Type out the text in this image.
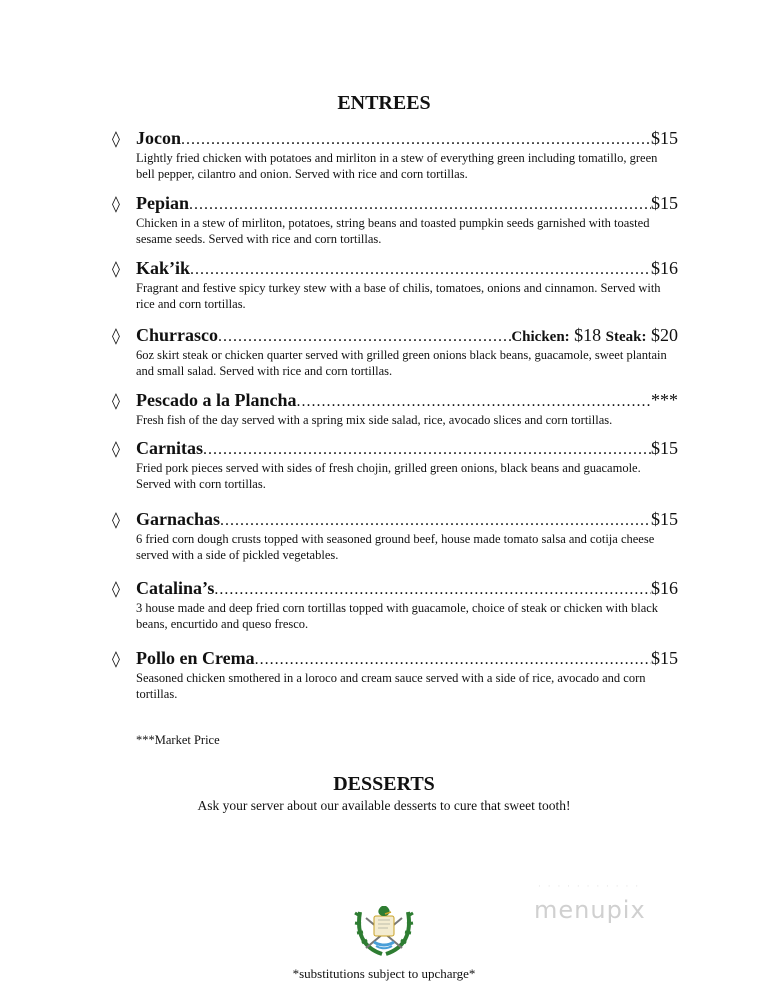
ENTREES
◊ Jocon .....	$15
Lightly fried chicken with potatoes and mirliton in a stew of everything green including tomatillo, green bell pepper, cilantro and onion. Served with rice and corn tortillas.
◊ Pepian .....	$15
Chicken in a stew of mirliton, potatoes, string beans and toasted pumpkin seeds garnished with toasted sesame seeds. Served with rice and corn tortillas.
◊ Kak’ik .....	$16
Fragrant and festive spicy turkey stew with a base of chilis, tomatoes, onions and cinnamon. Served with rice and corn tortillas.
◊ Churrasco .....	Chicken: $18 Steak: $20
6oz skirt steak or chicken quarter served with grilled green onions black beans, guacamole, sweet plantain and small salad. Served with rice and corn tortillas.
◊ Pescado a la Plancha .....	***
Fresh fish of the day served with a spring mix side salad, rice, avocado slices and corn tortillas.
◊ Carnitas .....	$15
Fried pork pieces served with sides of fresh chojin, grilled green onions, black beans and guacamole. Served with corn tortillas.
◊ Garnachas .....	$15
6 fried corn dough crusts topped with seasoned ground beef, house made tomato salsa and cotija cheese served with a side of pickled vegetables.
◊ Catalina’s .....	$16
3 house made and deep fried corn tortillas topped with guacamole, choice of steak or chicken with black beans, encurtido and queso fresco.
◊ Pollo en Crema .....	$15
Seasoned chicken smothered in a loroco and cream sauce served with a side of rice, avocado and corn tortillas.
***Market Price
DESSERTS
Ask your server about our available desserts to cure that sweet tooth!
· · · · · · · · · · ·
menupix
*substitutions subject to upcharge*
